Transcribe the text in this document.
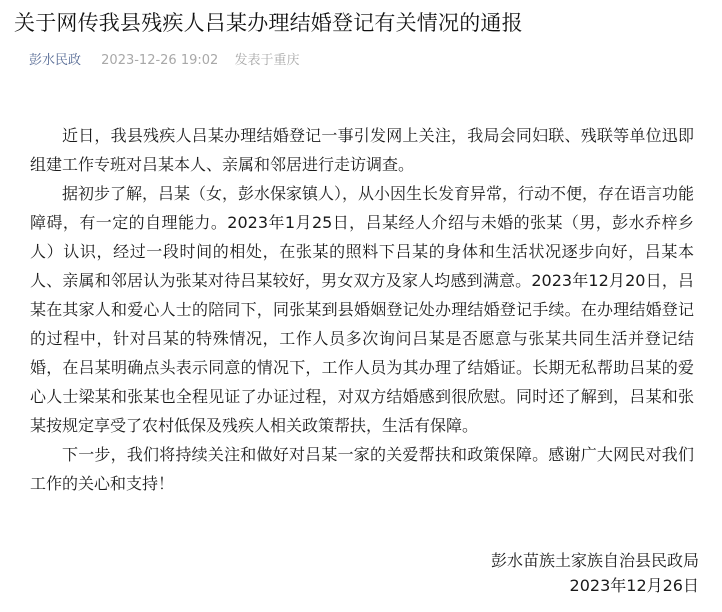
关于网传我县残疾人吕某办理结婚登记有关情况的通报
彭水民政 2023-12-26 19:02 发表于重庆

近日，我县残疾人吕某办理结婚登记一事引发网上关注，我局会同妇联、残联等单位迅即组建工作专班对吕某本人、亲属和邻居进行走访调查。

据初步了解，吕某（女，彭水保家镇人），从小因生长发育异常，行动不便，存在语言功能障碍，有一定的自理能力。2023年1月25日，吕某经人介绍与未婚的张某（男，彭水乔梓乡人）认识，经过一段时间的相处，在张某的照料下吕某的身体和生活状况逐步向好，吕某本人、亲属和邻居认为张某对待吕某较好，男女双方及家人均感到满意。2023年12月20日，吕某在其家人和爱心人士的陪同下，同张某到县婚姻登记处办理结婚登记手续。在办理结婚登记的过程中，针对吕某的特殊情况，工作人员多次询问吕某是否愿意与张某共同生活并登记结婚，在吕某明确点头表示同意的情况下，工作人员为其办理了结婚证。长期无私帮助吕某的爱心人士梁某和张某也全程见证了办证过程，对双方结婚感到很欣慰。同时还了解到，吕某和张某按规定享受了农村低保及残疾人相关政策帮扶，生活有保障。

下一步，我们将持续关注和做好对吕某一家的关爱帮扶和政策保障。感谢广大网民对我们工作的关心和支持！

彭水苗族土家族自治县民政局
2023年12月26日
